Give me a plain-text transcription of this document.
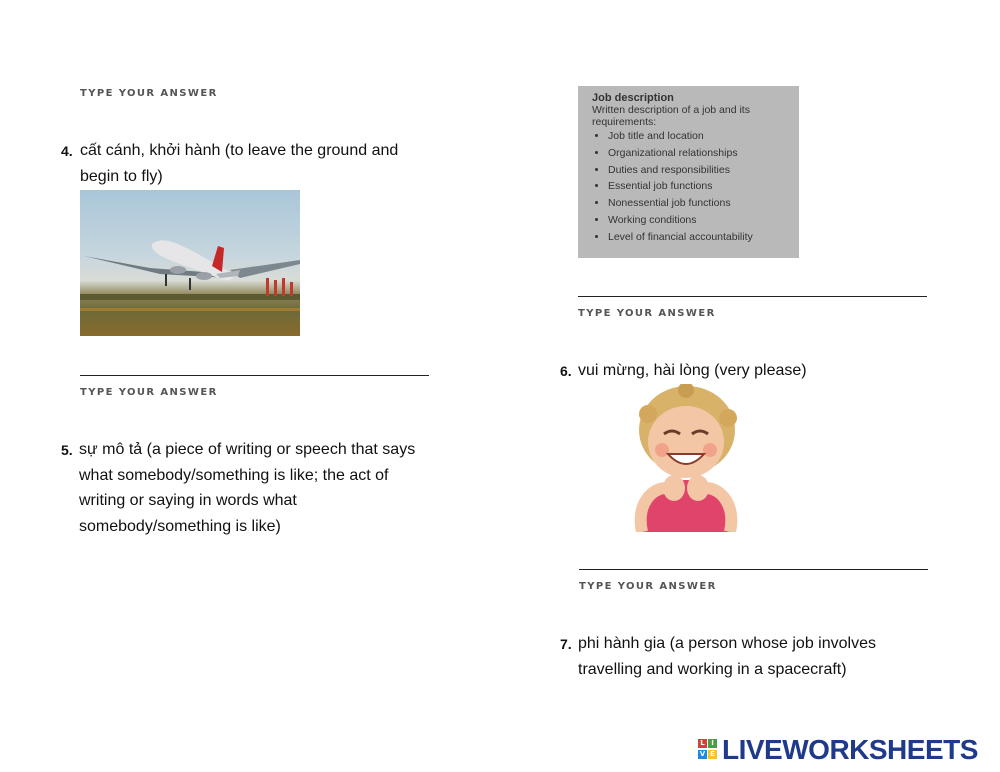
TYPE YOUR ANSWER
4. cất cánh, khởi hành (to leave the ground and
begin to fly)
TYPE YOUR ANSWER
5. sự mô tả (a piece of writing or speech that says
what somebody/something is like; the act of
writing or saying in words what
somebody/something is like)
Job description
Written description of a job and its
requirements:
• Job title and location
• Organizational relationships
• Duties and responsibilities
• Essential job functions
• Nonessential job functions
• Working conditions
• Level of financial accountability
TYPE YOUR ANSWER
6. vui mừng, hài lòng (very please)
TYPE YOUR ANSWER
7. phi hành gia (a person whose job involves
travelling and working in a spacecraft)
L I
V E LIVEWORKSHEETS
